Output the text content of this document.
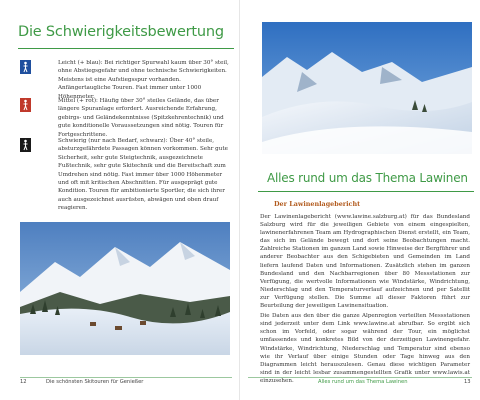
Die Schwierigkeitsbewertung
Leicht (+ blau): Bei richtiger Spurwahl kaum über 30° steil, ohne Abstiegsgefahr und ohne technische Schwierigkeiten. Meistens ist eine Aufstiegsspur vorhanden. Anfängertaugliche Touren. Fast immer unter 1000 Höhenmeter.
Mittel (+ rot): Häufig über 30° steiles Gelände, das über längere Spuranlage erfordert. Ausreichende Erfahrung, gebirgs- und Geländekenntnisse (Spitzkehrentechnik) und gute konditionelle Voraussetzungen sind nötig. Touren für Fortgeschrittene.
Schwierig (nur nach Bedarf, schwarz): Über 40° steile, absturzgefährdete Passagen können vorkommen. Sehr gute Sicherheit, sehr gute Steigtechnik, ausgezeichnete Fußtechnik, sehr gute Skitechnik und die Bereitschaft zum Umdrehen sind nötig. Fast immer über 1000 Höhenmeter und oft mit kritischen Abschnitten. Für ausgeprägt gute Kondition. Touren für ambitionierte Sportler, die sich ihrer auch ausgezeichnet ausrüsten, abwägen und oben drauf reagieren.
12	Die schönsten Skitouren für Genießer
Alles rund um das Thema Lawinen
Der Lawinenlagebericht

Der Lawinenlagebericht (www.lawine.salzburg.at) für das Bundesland Salzburg wird für die jeweiligen Gebiete von einem eingespielten, lawinenerfahrenen Team am Hydrographischen Dienst erstellt, ein Team, das sich im Gelände bewegt und dort seine Beobachtungen macht. Zahlreiche Stationen im ganzen Land sowie Hinweise der Bergführer und anderer Beobachter aus den Schigebieten und Gemeinden im Land liefern laufend Daten und Informationen. Zusätzlich stehen im ganzen Bundesland und den Nachbarregionen über 80 Messstationen zur Verfügung, die wertvolle Informationen wie Windstärke, Windrichtung, Niederschlag und den Temperaturverlauf aufzeichnen und per Satellit zur Verfügung stellen. Die Summe all dieser Faktoren führt zur Beurteilung der jeweiligen Lawinensituation.

Die Daten aus den über die ganze Alpenregion verteilten Messstationen sind jederzeit unter dem Link www.lawine.at abrufbar. So ergibt sich schon im Vorfeld, oder sogar während der Tour, ein möglichst umfassendes und konkretes Bild von der derzeitigen Lawinengefahr. Windstärke, Windrichtung, Niederschlag und Temperatur sind ebenso wie ihr Verlauf über einige Stunden oder Tage hinweg aus den Diagrammen leicht herauszulesen. Genau diese wichtigen Parameter sind in der leicht lesbar zusammengestellten Grafik unter www.lawis.at einzusehen.	Alles rund um das Thema Lawinen	13
